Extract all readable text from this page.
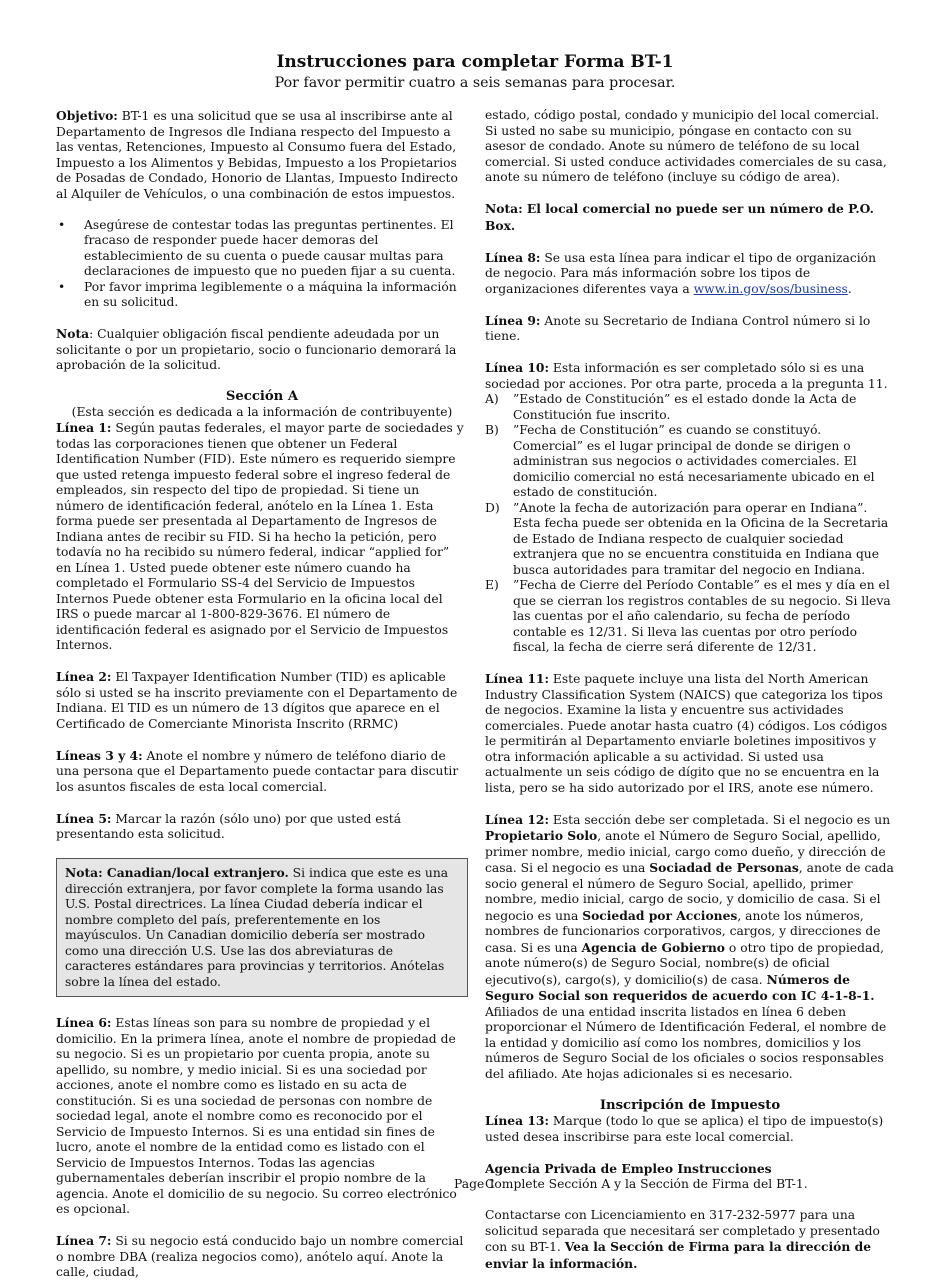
Instrucciones para completar Forma BT-1
Por favor permitir cuatro a seis semanas para procesar.

Objetivo: BT-1 es una solicitud que se usa al inscribirse ante al Departamento de Ingresos dle Indiana respecto del Impuesto a las ventas, Retenciones, Impuesto al Consumo fuera del Estado, Impuesto a los Alimentos y Bebidas, Impuesto a los Propietarios de Posadas de Condado, Honorio de Llantas, Impuesto Indirecto al Alquiler de Vehículos, o una combinación de estos impuestos.

• Asegúrese de contestar todas las preguntas pertinentes. El fracaso de responder puede hacer demoras del establecimiento de su cuenta o puede causar multas para declaraciones de impuesto que no pueden fijar a su cuenta.
• Por favor imprima legiblemente o a máquina la información en su solicitud.

Nota: Cualquier obligación fiscal pendiente adeudada por un solicitante o por un propietario, socio o funcionario demorará la aprobación de la solicitud.

Sección A
(Esta sección es dedicada a la información de contribuyente)

Línea 1: Según pautas federales, el mayor parte de sociedades y todas las corporaciones tienen que obtener un Federal Identification Number (FID). Este número es requerido siempre que usted retenga impuesto federal sobre el ingreso federal de empleados, sin respecto del tipo de propiedad. Si tiene un número de identificación federal, anótelo en la Línea 1. Esta forma puede ser presentada al Departamento de Ingresos de Indiana antes de recibir su FID. Si ha hecho la petición, pero todavía no ha recibido su número federal, indicar “applied for” en Línea 1. Usted puede obtener este número cuando ha completado el Formulario SS-4 del Servicio de Impuestos Internos Puede obtener esta Formulario en la oficina local del IRS o puede marcar al 1-800-829-3676. El número de identificación federal es asignado por el Servicio de Impuestos Internos.

Línea 2: El Taxpayer Identification Number (TID) es aplicable sólo si usted se ha inscrito previamente con el Departamento de Indiana. El TID es un número de 13 dígitos que aparece en el Certificado de Comerciante Minorista Inscrito (RRMC)

Líneas 3 y 4: Anote el nombre y número de teléfono diario de una persona que el Departamento puede contactar para discutir los asuntos fiscales de esta local comercial.

Línea 5: Marcar la razón (sólo uno) por que usted está presentando esta solicitud.

Nota: Canadian/local extranjero. Si indica que este es una dirección extranjera, por favor complete la forma usando las U.S. Postal directrices. La línea Ciudad debería indicar el nombre completo del país, preferentemente en los mayúsculos. Un Canadian domicilio debería ser mostrado como una dirección U.S. Use las dos abreviaturas de caracteres estándares para provincias y territorios. Anótelas sobre la línea del estado.

Línea 6: Estas líneas son para su nombre de propiedad y el domicilio. En la primera línea, anote el nombre de propiedad de su negocio. Si es un propietario por cuenta propia, anote su apellido, su nombre, y medio inicial. Si es una sociedad por acciones, anote el nombre como es listado en su acta de constitución. Si es una sociedad de personas con nombre de sociedad legal, anote el nombre como es reconocido por el Servicio de Impuesto Internos. Si es una entidad sin fines de lucro, anote el nombre de la entidad como es listado con el Servicio de Impuestos Internos. Todas las agencias gubernamentales deberían inscribir el propio nombre de la agencia. Anote el domicilio de su negocio. Su correo electrónico es opcional.

Línea 7: Si su negocio está conducido bajo un nombre comercial o nombre DBA (realiza negocios como), anótelo aquí. Anote la calle, ciudad,

estado, código postal, condado y municipio del local comercial. Si usted no sabe su municipio, póngase en contacto con su asesor de condado. Anote su número de teléfono de su local comercial. Si usted conduce actividades comerciales de su casa, anote su número de teléfono (incluye su código de area).

Nota: El local comercial no puede ser un número de P.O. Box.

Línea 8: Se usa esta línea para indicar el tipo de organización de negocio. Para más información sobre los tipos de organizaciones diferentes vaya a www.in.gov/sos/business.

Línea 9: Anote su Secretario de Indiana Control número si lo tiene.

Línea 10: Esta información es ser completado sólo si es una sociedad por acciones. Por otra parte, proceda a la pregunta 11.

A) ”Estado de Constitución” es el estado donde la Acta de Constitución fue inscrito.
B) ”Fecha de Constitución” es cuando se constituyó. Comercial” es el lugar principal de donde se dirigen o administran sus negocios o actividades comerciales. El domicilio comercial no está necesariamente ubicado en el estado de constitución.
D) ”Anote la fecha de autorización para operar en Indiana”. Esta fecha puede ser obtenida en la Oficina de la Secretaria de Estado de Indiana respecto de cualquier sociedad extranjera que no se encuentra constituida en Indiana que busca autoridades para tramitar del negocio en Indiana.
E) ”Fecha de Cierre del Período Contable” es el mes y día en el que se cierran los registros contables de su negocio. Si lleva las cuentas por el año calendario, su fecha de período contable es 12/31. Si lleva las cuentas por otro período fiscal, la fecha de cierre será diferente de 12/31.

Línea 11: Este paquete incluye una lista del North American Industry Classification System (NAICS) que categoriza los tipos de negocios. Examine la lista y encuentre sus actividades comerciales. Puede anotar hasta cuatro (4) códigos. Los códigos le permitirán al Departamento enviarle boletines impositivos y otra información aplicable a su actividad. Si usted usa actualmente un seis código de dígito que no se encuentra en la lista, pero se ha sido autorizado por el IRS, anote ese número.

Línea 12: Esta sección debe ser completada. Si el negocio es un Propietario Solo, anote el Número de Seguro Social, apellido, primer nombre, medio inicial, cargo como dueño, y dirección de casa. Si el negocio es una Sociadad de Personas, anote de cada socio general el número de Seguro Social, apellido, primer nombre, medio inicial, cargo de socio, y domicilio de casa. Si el negocio es una Sociedad por Acciones, anote los números, nombres de funcionarios corporativos, cargos, y direcciones de casa. Si es una Agencia de Gobierno o otro tipo de propiedad, anote número(s) de Seguro Social, nombre(s) de oficial ejecutivo(s), cargo(s), y domicilio(s) de casa. Números de Seguro Social son requeridos de acuerdo con IC 4-1-8-1. Afiliados de una entidad inscrita listados en línea 6 deben proporcionar el Número de Identificación Federal, el nombre de la entidad y domicilio así como los nombres, domicilios y los números de Seguro Social de los oficiales o socios responsables del afiliado. Ate hojas adicionales si es necesario.

Inscripción de Impuesto

Línea 13: Marque (todo lo que se aplica) el tipo de impuesto(s) usted desea inscribirse para este local comercial.

Agencia Privada de Empleo Instrucciones

Complete Sección A y la Sección de Firma del BT-1.

Contactarse con Licenciamiento en 317-232-5977 para una solicitud separada que necesitará ser completado y presentado con su BT-1. Vea la Sección de Firma para la dirección de enviar la información.

Page 1
